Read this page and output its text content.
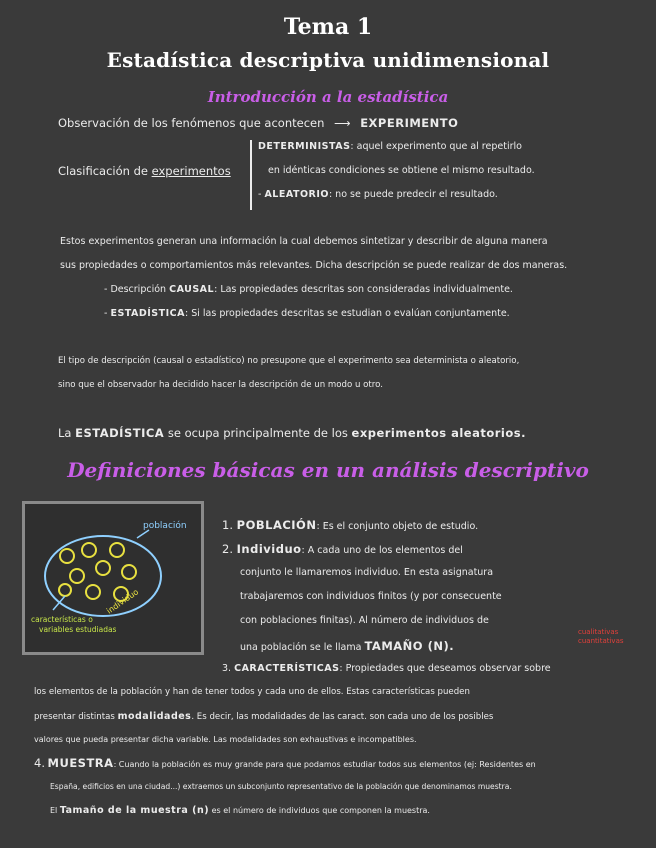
Tema 1
Estadística descriptiva unidimensional
Introducción a la estadística
Observación de los fenómenos que acontecen ⟶ EXPERIMENTO
Clasificación de experimentos
DETERMINISTAS: aquel experimento que al repetirlo
en idénticas condiciones se obtiene el mismo resultado.
- ALEATORIO: no se puede predecir el resultado.
Estos experimentos generan una información la cual debemos sintetizar y describir de alguna manera
sus propiedades o comportamientos más relevantes. Dicha descripción se puede realizar de dos maneras.
- Descripción CAUSAL: Las propiedades descritas son consideradas individualmente.
- ESTADÍSTICA: Si las propiedades descritas se estudian o evalúan conjuntamente.
El tipo de descripción (causal o estadístico) no presupone que el experimento sea determinista o aleatorio,
sino que el observador ha decidido hacer la descripción de un modo u otro.
La ESTADÍSTICA se ocupa principalmente de los experimentos aleatorios.
Definiciones básicas en un análisis descriptivo
población
individuo
características o
variables estudiadas
1. POBLACIÓN: Es el conjunto objeto de estudio.
2. Individuo: A cada uno de los elementos del
conjunto le llamaremos individuo. En esta asignatura
trabajaremos con individuos finitos (y por consecuente
con poblaciones finitas). Al número de individuos de
una población se le llama TAMAÑO (N).
cualitativas
cuantitativas
3. CARACTERÍSTICAS: Propiedades que deseamos observar sobre
los elementos de la población y han de tener todos y cada uno de ellos. Estas características pueden
presentar distintas modalidades. Es decir, las modalidades de las caract. son cada uno de los posibles
valores que pueda presentar dicha variable. Las modalidades son exhaustivas e incompatibles.
4. MUESTRA: Cuando la población es muy grande para que podamos estudiar todos sus elementos (ej: Residentes en
España, edificios en una ciudad...) extraemos un subconjunto representativo de la población que denominamos muestra.
El Tamaño de la muestra (n) es el número de individuos que componen la muestra.
